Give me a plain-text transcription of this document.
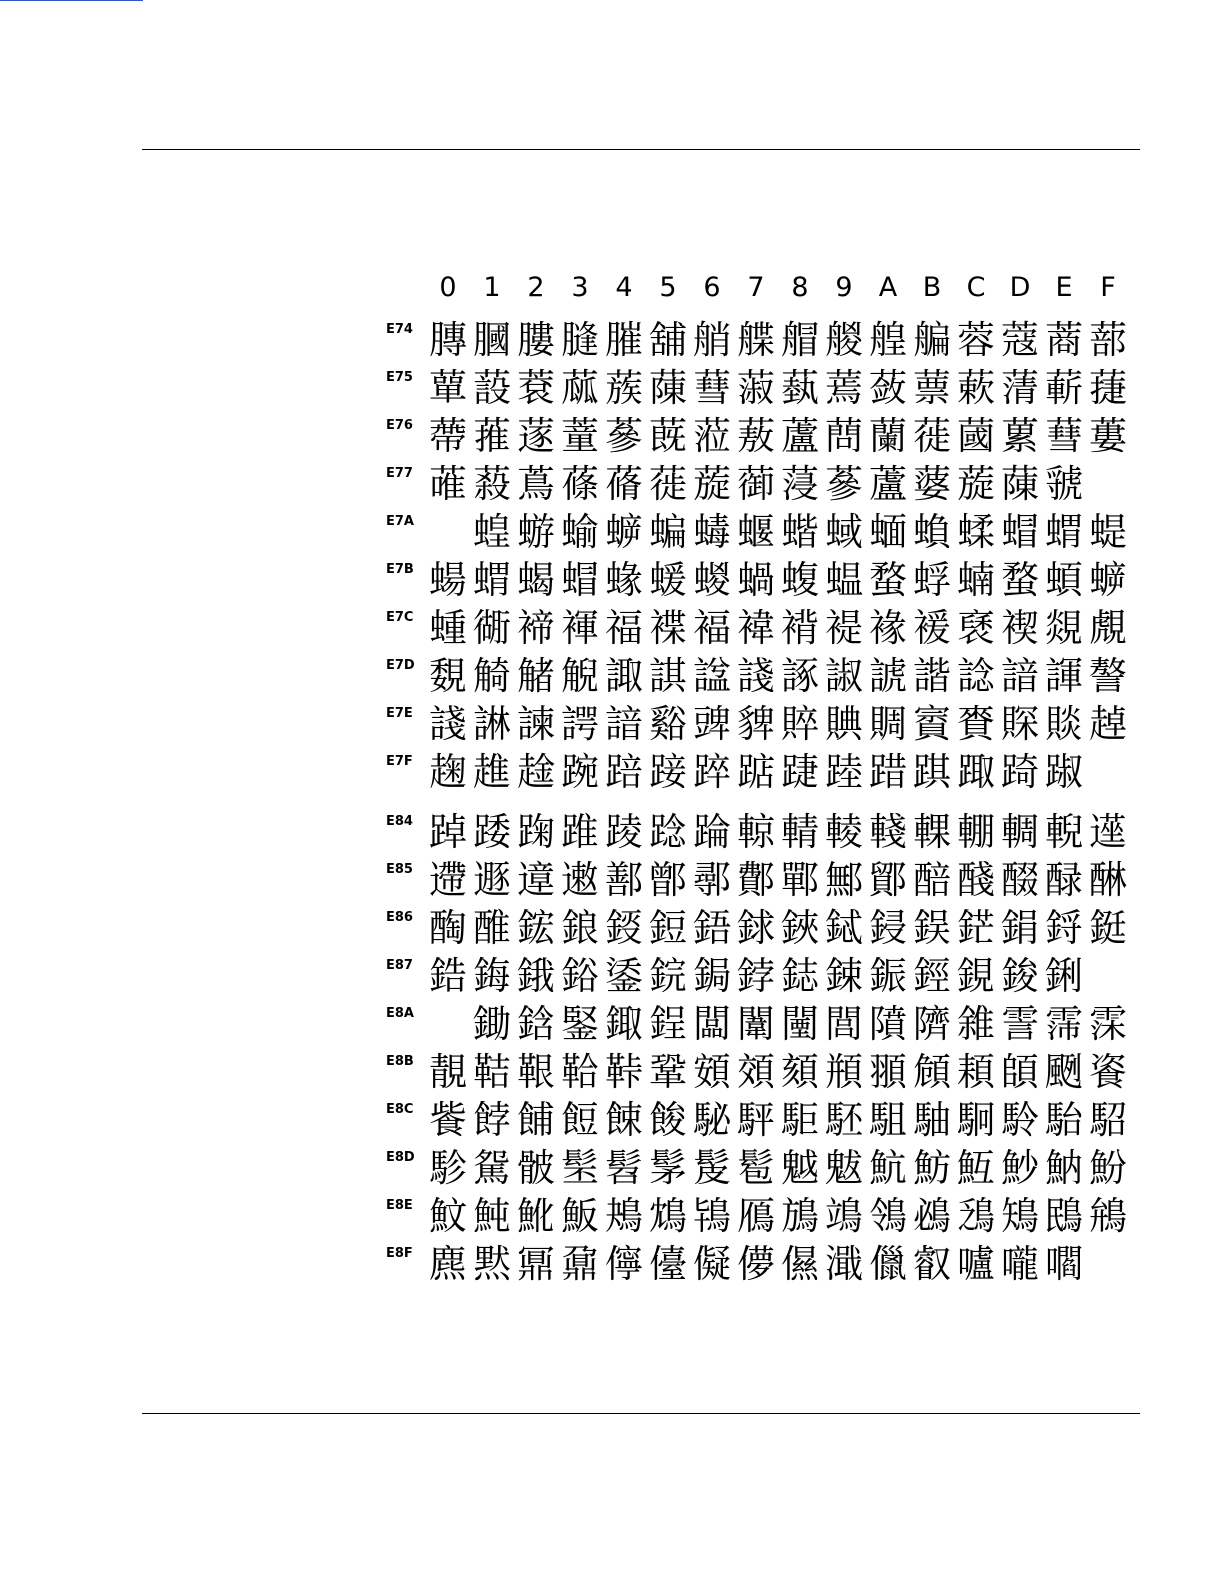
0 1 2 3 4 5 6 7 8 9 A B C D E	F
E74 膞 膕 膢 膖 膗 舖 艄 艓 艒 艐 艎 艑 蓉 蔻 蔏 蔀
E75 蕇 蔎 蔉 蓏 蔟 蔯 蔧 蔋 蓺 蔫 蔹 蔈 蔌 蔳 蔪 蓵
E76 蔕 蓷 蓫 蕫 蔘 蔇 蒞 蔜 蘆 蔄 蘭 蓰 蔮 蔂 蔧 蔞
E77 蓶 蔱 蔦 蓧 蓨 蓰 蔙 蓹 蓡 蔘 蘆 蔢 蔙 蔯 虢
E7A	蝗 蝣 蝓 蝷 蝙 蝳 蝘 蝔 蜮 蝒 蝜 蝚 蝐 蝟 蝭
E7B 蝪 蝟 蝎 蝐 蝝 蝯 蝬 蝸 蝮 蝹 蝥 蜉 蝻 蝥 蝢 蝷
E7C 蝩 衚 褅 褌 福 褋 褔 褘 褙 褆 褖 褑 褎 褉 覢 覤
E7D 覣 觭 觰 觬 諏 諆 諡 諓 諑 諔 諕 諧 諗 諳 諢 謷
E7E 諓 諃 諫 諤 諳 谿 豍 貏 賥 賟 賙 賨 賚 賝 賧 趠
E7F 趜 趡 趛 踠 踣 踥 踤 踮 踕 踛 踖 踑 踙 踦 踧
E84 踔 踒 踘 踓 踜 踗 踚 輬 輤 輘 輚 輠 輣 輖 輗 遳
E85 遰 遯 遧 遫 鄯 鄫 鄩 鄪 鄲 鄦 鄮 醅 醆 醊 醁 醂
E86 醄 醀 鋐 鋃 鋄 鋀 鋙 銶 鋏 鋱 鋟 鋘 鋩 鋗 鋝 鋌
E87 鋯 鋂 鋨 鋊 鋈 鋎 鋦 鋍 鋕 鋉 鋠 鋞 鋧 鋑 鋓
E8A	鋤 鋡 鋻 鋷 鋥 闆 闈 闉 閭 隫 隮 雓 霅 霈 霂
E8B 靚 鞊 鞎 鞈 鞐 鞏 頞 頝 頦 頩 頨 頠 頛 頧 颲 餈
E8C 飺 餑 餔 餖 餗 餕 駜 駍 駏 駓 駔 駎 駉 駖 駘 駋
E8D 駗 駌 骳 髬 髫 髳 髲 髱 魆 魃 魧 魴 魱 魦 魶 魵
E8E 魰 魨 魤 魬 鴂 鴆 鴇 鴈 鴋 鴗 鴒 鴓 鴔 鴙 鴖 鴘
E8F 麃 黙 鼏 鼐 儜 儓 儗 儚 儑 濈 儠 叡 嚧 嚨 嚪
